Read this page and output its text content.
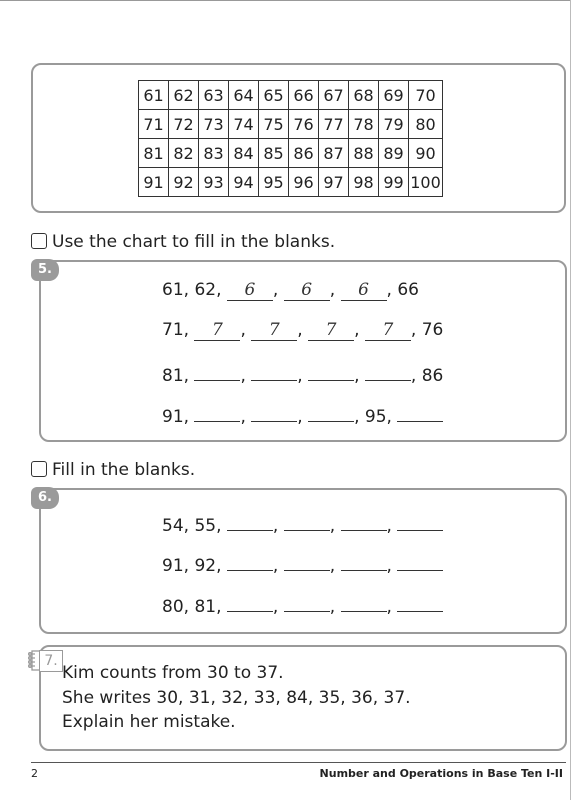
61	62	63	64	65	66	67	68	69	70
71	72	73	74	75	76	77	78	79	80
81	82	83	84	85	86	87	88	89	90
91	92	93	94	95	96	97	98	99	100
Use the chart to fill in the blanks.
5.
61, 62, 6 , 6 , 6 , 66
71, 7 , 7 , 7 , 7 , 76
81,	,	,	,	, 86
91,	,	,	, 95,
Fill in the blanks.
6.
54, 55,	,	,	,
91, 92,	,	,	,
80, 81,	,	,	,
7.
Kim counts from 30 to 37.
She writes 30, 31, 32, 33, 84, 35, 36, 37.
Explain her mistake.
2	Number and Operations in Base Ten I-II
